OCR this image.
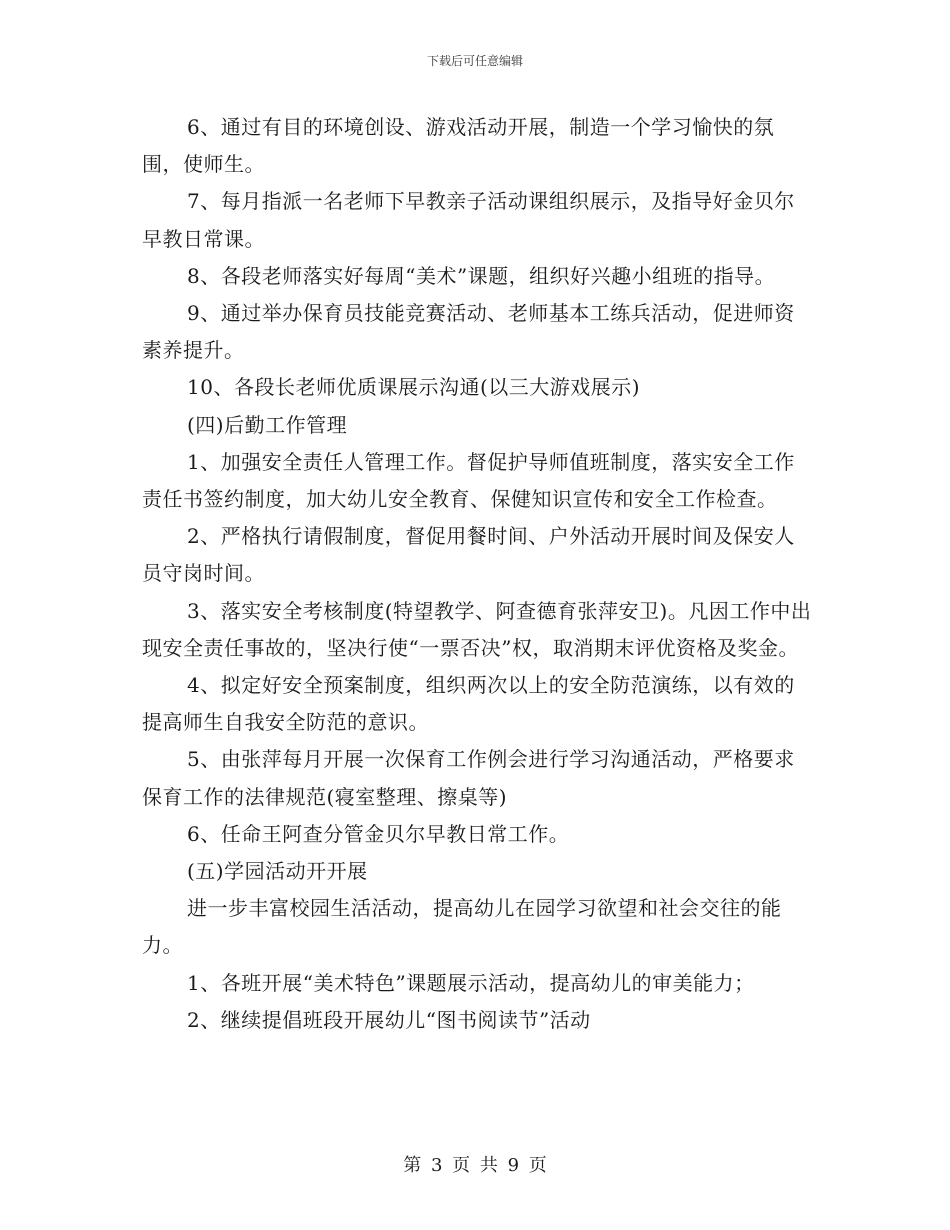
下载后可任意编辑

6、通过有目的环境创设、游戏活动开展，制造一个学习愉快的氛围，使师生。

7、每月指派一名老师下早教亲子活动课组织展示，及指导好金贝尔早教日常课。

8、各段老师落实好每周“美术”课题，组织好兴趣小组班的指导。

9、通过举办保育员技能竞赛活动、老师基本工练兵活动，促进师资素养提升。

10、各段长老师优质课展示沟通(以三大游戏展示)

(四)后勤工作管理

1、加强安全责任人管理工作。督促护导师值班制度，落实安全工作责任书签约制度，加大幼儿安全教育、保健知识宣传和安全工作检查。

2、严格执行请假制度，督促用餐时间、户外活动开展时间及保安人员守岗时间。

3、落实安全考核制度(特望教学、阿查德育张萍安卫)。凡因工作中出现安全责任事故的，坚决行使“一票否决”权，取消期末评优资格及奖金。

4、拟定好安全预案制度，组织两次以上的安全防范演练，以有效的提高师生自我安全防范的意识。

5、由张萍每月开展一次保育工作例会进行学习沟通活动，严格要求保育工作的法律规范(寝室整理、擦桌等)

6、任命王阿查分管金贝尔早教日常工作。

(五)学园活动开开展

进一步丰富校园生活活动，提高幼儿在园学习欲望和社会交往的能力。

1、各班开展“美术特色”课题展示活动，提高幼儿的审美能力；

2、继续提倡班段开展幼儿“图书阅读节”活动

第 3 页 共 9 页
